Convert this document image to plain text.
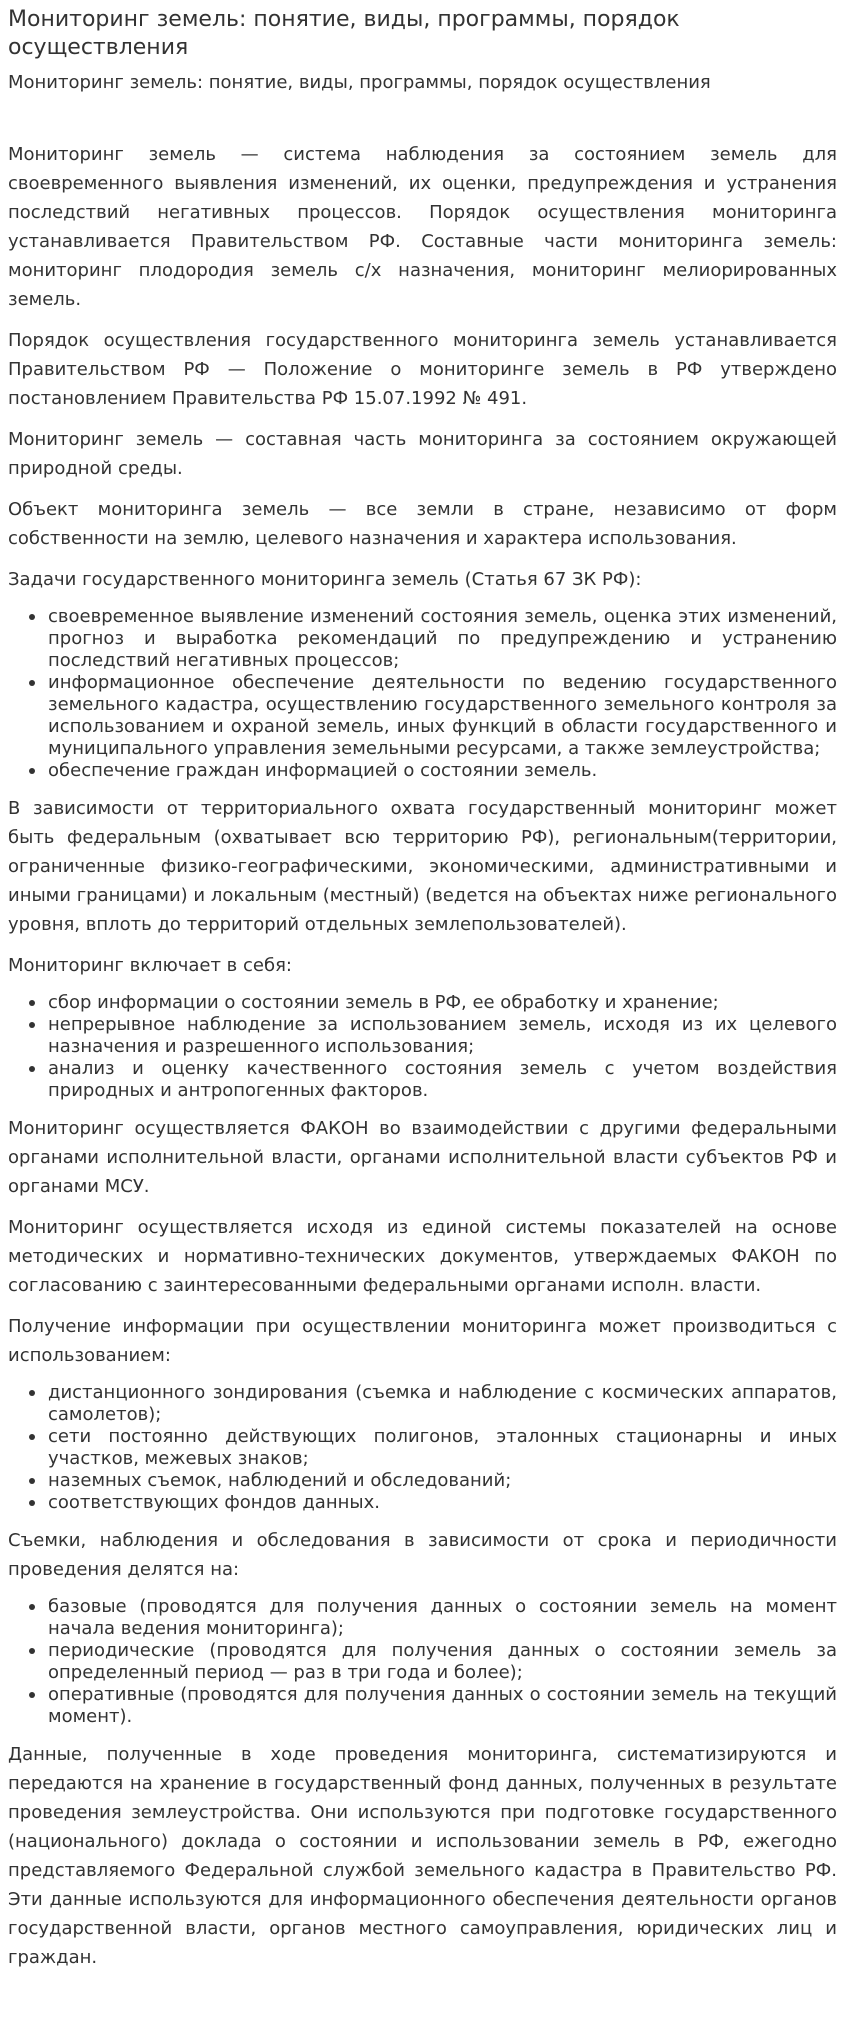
Мониторинг земель: понятие, виды, программы, порядок осуществления
Мониторинг земель: понятие, виды, программы, порядок осуществления
Мониторинг земель — система наблюдения за состоянием земель для своевременного выявления изменений, их оценки, предупреждения и устранения последствий негативных процессов. Порядок осуществления мониторинга устанавливается Правительством РФ. Составные части мониторинга земель: мониторинг плодородия земель с/х назначения, мониторинг мелиорированных земель.
Порядок осуществления государственного мониторинга земель устанавливается Правительством РФ — Положение о мониторинге земель в РФ утверждено постановлением Правительства РФ 15.07.1992 № 491.
Мониторинг земель — составная часть мониторинга за состоянием окружающей природной среды.
Объект мониторинга земель — все земли в стране, независимо от форм собственности на землю, целевого назначения и характера использования.
Задачи государственного мониторинга земель (Статья 67 ЗК РФ):
своевременное выявление изменений состояния земель, оценка этих изменений, прогноз и выработка рекомендаций по предупреждению и устранению последствий негативных процессов;
информационное обеспечение деятельности по ведению государственного земельного кадастра, осуществлению государственного земельного контроля за использованием и охраной земель, иных функций в области государственного и муниципального управления земельными ресурсами, а также землеустройства;
обеспечение граждан информацией о состоянии земель.
В зависимости от территориального охвата государственный мониторинг может быть федеральным (охватывает всю территорию РФ), региональным(территории, ограниченные физико-географическими, экономическими, административными и иными границами) и локальным (местный) (ведется на объектах ниже регионального уровня, вплоть до территорий отдельных землепользователей).
Мониторинг включает в себя:
сбор информации о состоянии земель в РФ, ее обработку и хранение;
непрерывное наблюдение за использованием земель, исходя из их целевого назначения и разрешенного использования;
анализ и оценку качественного состояния земель с учетом воздействия природных и антропогенных факторов.
Мониторинг осуществляется ФАКОН во взаимодействии с другими федеральными органами исполнительной власти, органами исполнительной власти субъектов РФ и органами МСУ.
Мониторинг осуществляется исходя из единой системы показателей на основе методических и нормативно-технических документов, утверждаемых ФАКОН по согласованию с заинтересованными федеральными органами исполн. власти.
Получение информации при осуществлении мониторинга может производиться с использованием:
дистанционного зондирования (съемка и наблюдение с космических аппаратов, самолетов);
сети постоянно действующих полигонов, эталонных стационарны и иных участков, межевых знаков;
наземных съемок, наблюдений и обследований;
соответствующих фондов данных.
Съемки, наблюдения и обследования в зависимости от срока и периодичности проведения делятся на:
базовые (проводятся для получения данных о состоянии земель на момент начала ведения мониторинга);
периодические (проводятся для получения данных о состоянии земель за определенный период — раз в три года и более);
оперативные (проводятся для получения данных о состоянии земель на текущий момент).
Данные, полученные в ходе проведения мониторинга, систематизируются и передаются на хранение в государственный фонд данных, полученных в результате проведения землеустройства. Они используются при подготовке государственного (национального) доклада о состоянии и использовании земель в РФ, ежегодно представляемого Федеральной службой земельного кадастра в Правительство РФ. Эти данные используются для информационного обеспечения деятельности органов государственной власти, органов местного самоуправления, юридических лиц и граждан.
